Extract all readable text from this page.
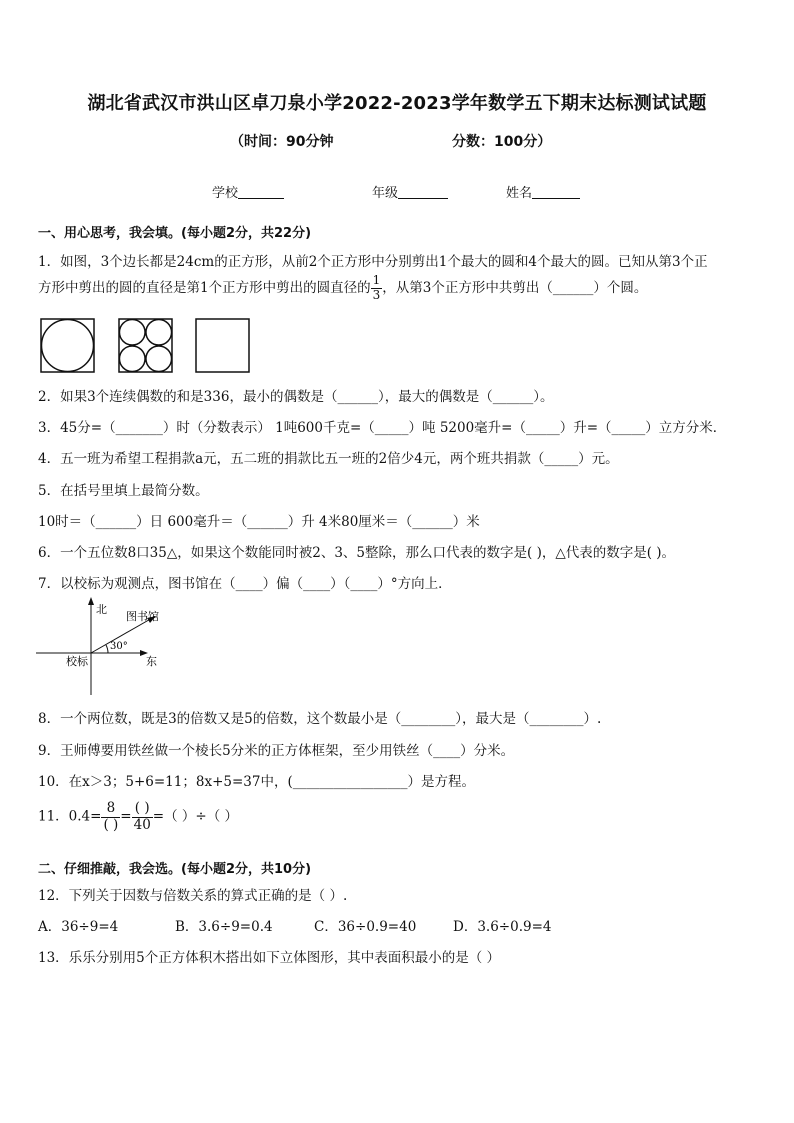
湖北省武汉市洪山区卓刀泉小学2022-2023学年数学五下期末达标测试试题
（时间：90分钟	分数：100分）
学校	年级	姓名
一、用心思考，我会填。(每小题2分，共22分)
1．如图，3个边长都是24cm的正方形，从前2个正方形中分别剪出1个最大的圆和4个最大的圆。已知从第3个正
方形中剪出的圆的直径是第1个正方形中剪出的圆直径的 $\frac{1}{3}$ ，从第3个正方形中共剪出（______）个圆。
2．如果3个连续偶数的和是336，最小的偶数是（______），最大的偶数是（______）。
3．45分=（_______）时（分数表示） 1吨600千克=（_____）吨 5200毫升=（_____）升=（_____）立方分米．
4．五一班为希望工程捐款a元，五二班的捐款比五一班的2倍少4元，两个班共捐款（_____）元。
5．在括号里填上最简分数。
10时＝（______）日 600毫升＝（______）升 4米80厘米＝（______）米
6．一个五位数8口35△，如果这个数能同时被2、3、5整除，那么口代表的数字是( )，△代表的数字是( )。
7．以校标为观测点，图书馆在（____）偏（____）（____）°方向上．
北
东
校标
图书馆
30°
8．一个两位数，既是3的倍数又是5的倍数，这个数最小是（________），最大是（________）.
9．王师傅要用铁丝做一个棱长5分米的正方体框架，至少用铁丝（____）分米。
10．在x＞3；5+6=11；8x+5=37中，(_________________）是方程。
11．$0.4= \frac{8}{( )} = \frac{( )}{40}$ =（ ）÷（ ）
二、仔细推敲，我会选。(每小题2分，共10分)
12．下列关于因数与倍数关系的算式正确的是（ ）.
A．36÷9=4	B．3.6÷9=0.4	C．36÷0.9=40	D．3.6÷0.9=4
13．乐乐分别用5个正方体积木搭出如下立体图形，其中表面积最小的是（ ）
